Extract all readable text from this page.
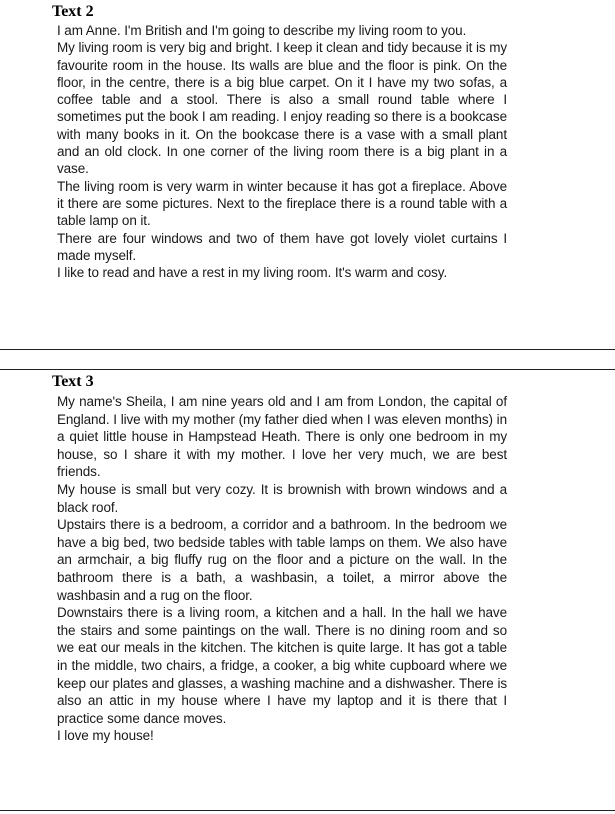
Text 2

I am Anne. I'm British and I'm going to describe my living room to you.

My living room is very big and bright. I keep it clean and tidy because it is my favourite room in the house. Its walls are blue and the floor is pink. On the floor, in the centre, there is a big blue carpet. On it I have my two sofas, a coffee table and a stool. There is also a small round table where I sometimes put the book I am reading. I enjoy reading so there is a bookcase with many books in it. On the bookcase there is a vase with a small plant and an old clock. In one corner of the living room there is a big plant in a vase.

The living room is very warm in winter because it has got a fireplace. Above it there are some pictures. Next to the fireplace there is a round table with a table lamp on it.

There are four windows and two of them have got lovely violet curtains I made myself.

I like to read and have a rest in my living room. It's warm and cosy.

Text 3

My name's Sheila, I am nine years old and I am from London, the capital of England. I live with my mother (my father died when I was eleven months) in a quiet little house in Hampstead Heath. There is only one bedroom in my house, so I share it with my mother. I love her very much, we are best friends.

My house is small but very cozy. It is brownish with brown windows and a black roof.

Upstairs there is a bedroom, a corridor and a bathroom. In the bedroom we have a big bed, two bedside tables with table lamps on them. We also have an armchair, a big fluffy rug on the floor and a picture on the wall. In the bathroom there is a bath, a washbasin, a toilet, a mirror above the washbasin and a rug on the floor.

Downstairs there is a living room, a kitchen and a hall. In the hall we have the stairs and some paintings on the wall. There is no dining room and so we eat our meals in the kitchen. The kitchen is quite large. It has got a table in the middle, two chairs, a fridge, a cooker, a big white cupboard where we keep our plates and glasses, a washing machine and a dishwasher. There is also an attic in my house where I have my laptop and it is there that I practice some dance moves.

I love my house!
